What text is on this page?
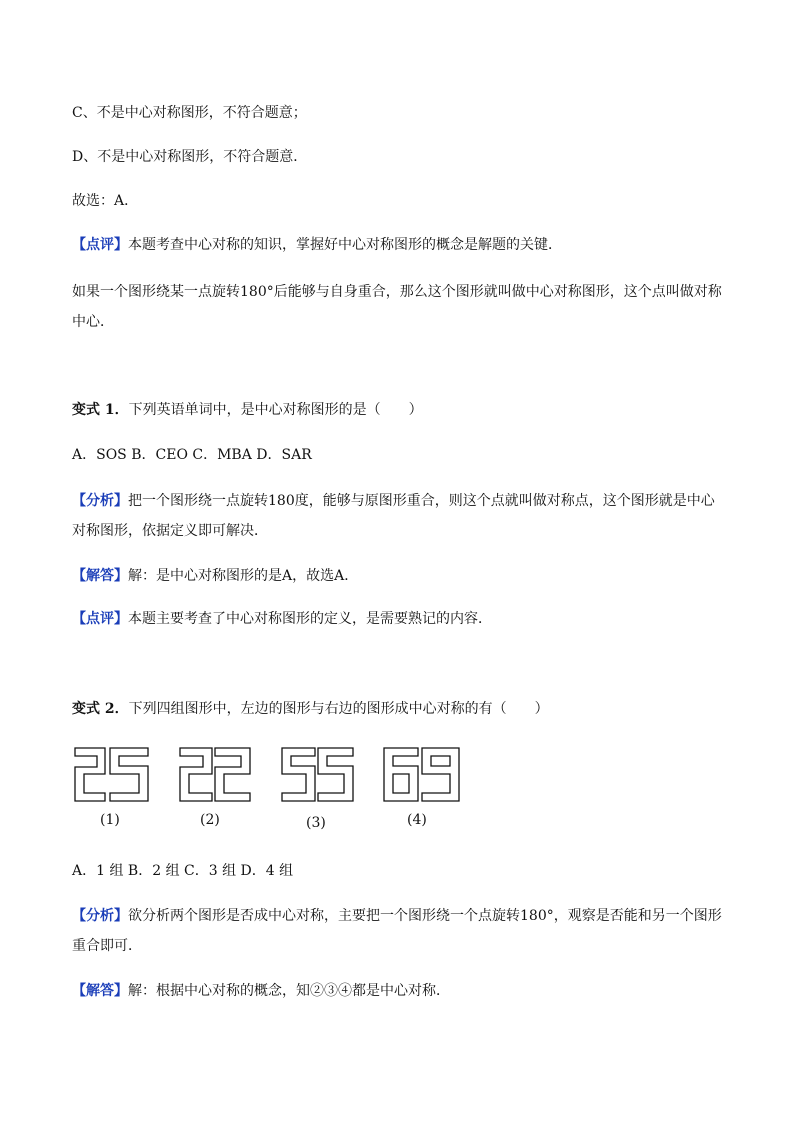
C、不是中心对称图形，不符合题意；
D、不是中心对称图形，不符合题意．
故选：A．
【点评】本题考查中心对称的知识，掌握好中心对称图形的概念是解题的关键．
如果一个图形绕某一点旋转180°后能够与自身重合，那么这个图形就叫做中心对称图形，这个点叫做对称中心．
变式 1．下列英语单词中，是中心对称图形的是（　　）
A．SOS B．CEO C．MBA D．SAR
【分析】把一个图形绕一点旋转180度，能够与原图形重合，则这个点就叫做对称点，这个图形就是中心对称图形，依据定义即可解决．
【解答】解：是中心对称图形的是A，故选A．
【点评】本题主要考查了中心对称图形的定义，是需要熟记的内容．
变式 2．下列四组图形中，左边的图形与右边的图形成中心对称的有（　　）
(1)	(2)	(3)	(4)
A．1 组 B．2 组 C．3 组 D．4 组
【分析】欲分析两个图形是否成中心对称，主要把一个图形绕一个点旋转180°，观察是否能和另一个图形重合即可．
【解答】解：根据中心对称的概念，知②③④都是中心对称．
